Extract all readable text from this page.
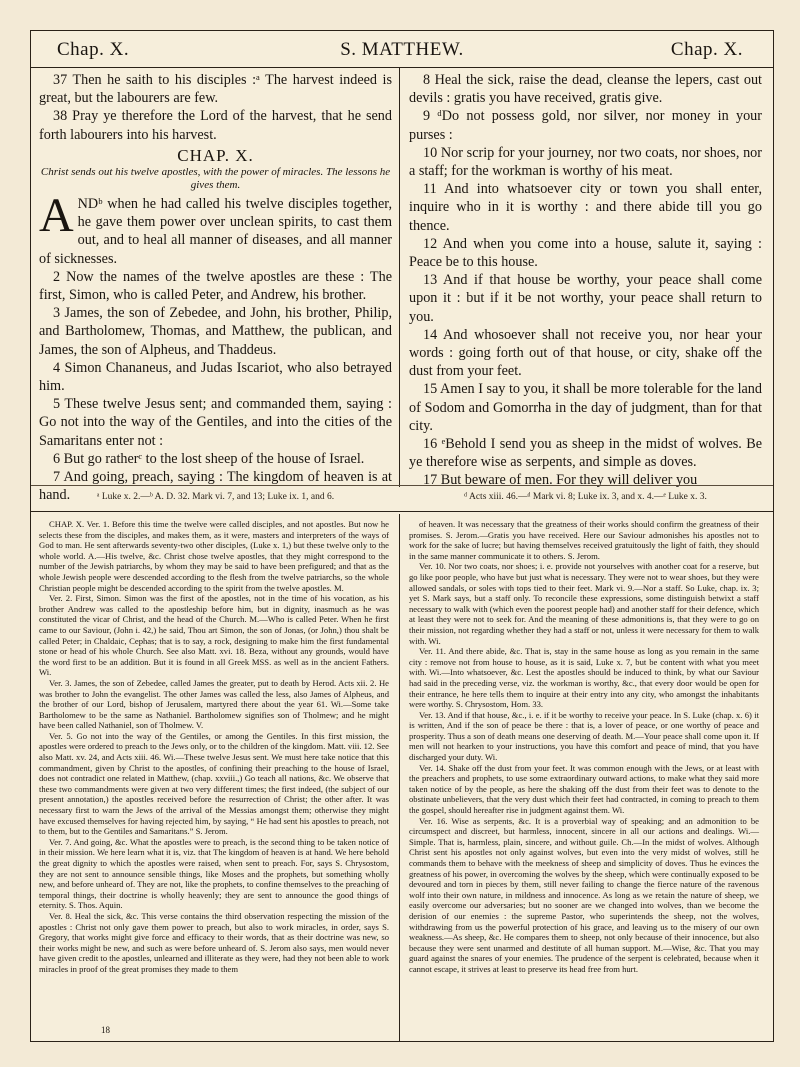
Chap. X.	S. MATTHEW.	Chap. X.

37 Then he saith to his disciples :ᵃ The harvest indeed is great, but the labourers are few.

38 Pray ye therefore the Lord of the harvest, that he send forth labourers into his harvest.

CHAP. X.
Christ sends out his twelve apostles, with the power of miracles. The lessons he gives them.

ANDᵇ when he had called his twelve disciples together, he gave them power over unclean spirits, to cast them out, and to heal all manner of diseases, and all manner of sicknesses.

2 Now the names of the twelve apostles are these : The first, Simon, who is called Peter, and Andrew, his brother.

3 James, the son of Zebedee, and John, his brother, Philip, and Bartholomew, Thomas, and Matthew, the publican, and James, the son of Alpheus, and Thaddeus.

4 Simon Chananeus, and Judas Iscariot, who also betrayed him.

5 These twelve Jesus sent; and commanded them, saying : Go not into the way of the Gentiles, and into the cities of the Samaritans enter not :

6 But go ratherᶜ to the lost sheep of the house of Israel.

7 And going, preach, saying : The kingdom of heaven is at hand.

8 Heal the sick, raise the dead, cleanse the lepers, cast out devils : gratis you have received, gratis give.

9 ᵈDo not possess gold, nor silver, nor money in your purses :

10 Nor scrip for your journey, nor two coats, nor shoes, nor a staff; for the workman is worthy of his meat.

11 And into whatsoever city or town you shall enter, inquire who in it is worthy : and there abide till you go thence.

12 And when you come into a house, salute it, saying : Peace be to this house.

13 And if that house be worthy, your peace shall come upon it : but if it be not worthy, your peace shall return to you.

14 And whosoever shall not receive you, nor hear your words : going forth out of that house, or city, shake off the dust from your feet.

15 Amen I say to you, it shall be more tolerable for the land of Sodom and Gomorrha in the day of judgment, than for that city.

16 ᵉBehold I send you as sheep in the midst of wolves. Be ye therefore wise as serpents, and simple as doves.

17 But beware of men. For they will deliver you

ᵃ Luke x. 2.—ᵇ A. D. 32. Mark vi. 7, and 13; Luke ix. 1, and 6.	ᵈ Acts xiii. 46.—ᵈ Mark vi. 8; Luke ix. 3, and x. 4.—ᵉ Luke x. 3.

CHAP. X. Ver. 1. Before this time the twelve were called disciples, and not apostles. But now he selects these from the disciples, and makes them, as it were, masters and interpreters of the ways of God to man. He sent afterwards seventy-two other disciples, (Luke x. 1,) but these twelve only to the whole world. A.—His twelve, &c. Christ chose twelve apostles, that they might correspond to the number of the Jewish patriarchs, by whom they may be said to have been prefigured; and that as the whole Jewish people were descended according to the flesh from the twelve patriarchs, so the whole Christian people might be descended according to the spirit from the twelve apostles. M.

Ver. 2. First, Simon. Simon was the first of the apostles, not in the time of his vocation, as his brother Andrew was called to the apostleship before him, but in dignity, inasmuch as he was constituted the vicar of Christ, and the head of the Church. M.—Who is called Peter. When he first came to our Saviour, (John i. 42,) he said, Thou art Simon, the son of Jonas, (or John,) thou shalt be called Peter; in Chaldaic, Cephas; that is to say, a rock, designing to make him the first fundamental stone or head of his whole Church. See also Matt. xvi. 18. Beza, without any grounds, would have the word first to be an addition. But it is found in all Greek MSS. as well as in the ancient Fathers. Wi.

Ver. 3. James, the son of Zebedee, called James the greater, put to death by Herod. Acts xii. 2. He was brother to John the evangelist. The other James was called the less, also James of Alpheus, and the brother of our Lord, bishop of Jerusalem, martyred there about the year 61. Wi.—Some take Bartholomew to be the same as Nathaniel. Bartholomew signifies son of Tholmew; and he might have been called Nathaniel, son of Tholmew. V.

Ver. 5. Go not into the way of the Gentiles, or among the Gentiles. In this first mission, the apostles were ordered to preach to the Jews only, or to the children of the kingdom. Matt. viii. 12. See also Matt. xv. 24, and Acts xiii. 46. Wi.—These twelve Jesus sent. We must here take notice that this commandment, given by Christ to the apostles, of confining their preaching to the house of Israel, does not contradict one related in Matthew, (chap. xxviii.,) Go teach all nations, &c. We observe that these two commandments were given at two very different times; the first indeed, (the subject of our present annotation,) the apostles received before the resurrection of Christ; the other after. It was necessary first to warn the Jews of the arrival of the Messias amongst them; otherwise they might have excused themselves for having rejected him, by saying, “ He had sent his apostles to preach, not to them, but to the Gentiles and Samaritans.” S. Jerom.

Ver. 7. And going, &c. What the apostles were to preach, is the second thing to be taken notice of in their mission. We here learn what it is, viz. that The kingdom of heaven is at hand. We here behold the great dignity to which the apostles were raised, when sent to preach. For, says S. Chrysostom, they are not sent to announce sensible things, like Moses and the prophets, but something wholly new, and before unheard of. They are not, like the prophets, to confine themselves to the preaching of temporal things, their doctrine is wholly heavenly; they are sent to announce the good things of eternity. S. Thos. Aquin.

Ver. 8. Heal the sick, &c. This verse contains the third observation respecting the mission of the apostles : Christ not only gave them power to preach, but also to work miracles, in order, says S. Gregory, that works might give force and efficacy to their words, that as their doctrine was new, so their works might be new, and such as were before unheard of. S. Jerom also says, men would never have given credit to the apostles, unlearned and illiterate as they were, had they not been able to work miracles in proof of the great promises they made to them

of heaven. It was necessary that the greatness of their works should confirm the greatness of their promises. S. Jerom.—Gratis you have received. Here our Saviour admonishes his apostles not to work for the sake of lucre; but having themselves received gratuitously the light of faith, they should in the same manner communicate it to others. S. Jerom.

Ver. 10. Nor two coats, nor shoes; i. e. provide not yourselves with another coat for a reserve, but go like poor people, who have but just what is necessary. They were not to wear shoes, but they were allowed sandals, or soles with tops tied to their feet. Mark vi. 9.—Nor a staff. So Luke, chap. ix. 3; yet S. Mark says, but a staff only. To reconcile these expressions, some distinguish betwixt a staff necessary to walk with (which even the poorest people had) and another staff for their defence, which at least they were not to seek for. And the meaning of these admonitions is, that they were to go on their mission, not regarding whether they had a staff or not, unless it were necessary for them to walk with. Wi.

Ver. 11. And there abide, &c. That is, stay in the same house as long as you remain in the same city : remove not from house to house, as it is said, Luke x. 7, but be content with what you meet with. Wi.—Into whatsoever, &c. Lest the apostles should be induced to think, by what our Saviour had said in the preceding verse, viz. the workman is worthy, &c., that every door would be open for their entrance, he here tells them to inquire at their entry into any city, who amongst the inhabitants were worthy. S. Chrysostom, Hom. 33.

Ver. 13. And if that house, &c., i. e. if it be worthy to receive your peace. In S. Luke (chap. x. 6) it is written, And if the son of peace be there : that is, a lover of peace, or one worthy of peace and prosperity. Thus a son of death means one deserving of death. M.—Your peace shall come upon it. If men will not hearken to your instructions, you have this comfort and peace of mind, that you have discharged your duty. Wi.

Ver. 14. Shake off the dust from your feet. It was common enough with the Jews, or at least with the preachers and prophets, to use some extraordinary outward actions, to make what they said more taken notice of by the people, as here the shaking off the dust from their feet was to denote to the obstinate unbelievers, that the very dust which their feet had contracted, in coming to preach to them the gospel, should hereafter rise in judgment against them. Wi.

Ver. 16. Wise as serpents, &c. It is a proverbial way of speaking; and an admonition to be circumspect and discreet, but harmless, innocent, sincere in all our actions and dealings. Wi.—Simple. That is, harmless, plain, sincere, and without guile. Ch.—In the midst of wolves. Although Christ sent his apostles not only against wolves, but even into the very midst of wolves, still he commands them to behave with the meekness of sheep and simplicity of doves. Thus he evinces the greatness of his power, in overcoming the wolves by the sheep, which were continually exposed to be devoured and torn in pieces by them, still never failing to change the fierce nature of the ravenous wolf into their own nature, in mildness and innocence. As long as we retain the nature of sheep, we easily overcome our adversaries; but no sooner are we changed into wolves, than we become the derision of our enemies : the supreme Pastor, who superintends the sheep, not the wolves, withdrawing from us the powerful protection of his grace, and leaving us to the misery of our own weakness.—As sheep, &c. He compares them to sheep, not only because of their innocence, but also because they were sent unarmed and destitute of all human support. M.—Wise, &c. That you may guard against the snares of your enemies. The prudence of the serpent is celebrated, because when it cannot escape, it strives at least to preserve its head free from hurt.

18
